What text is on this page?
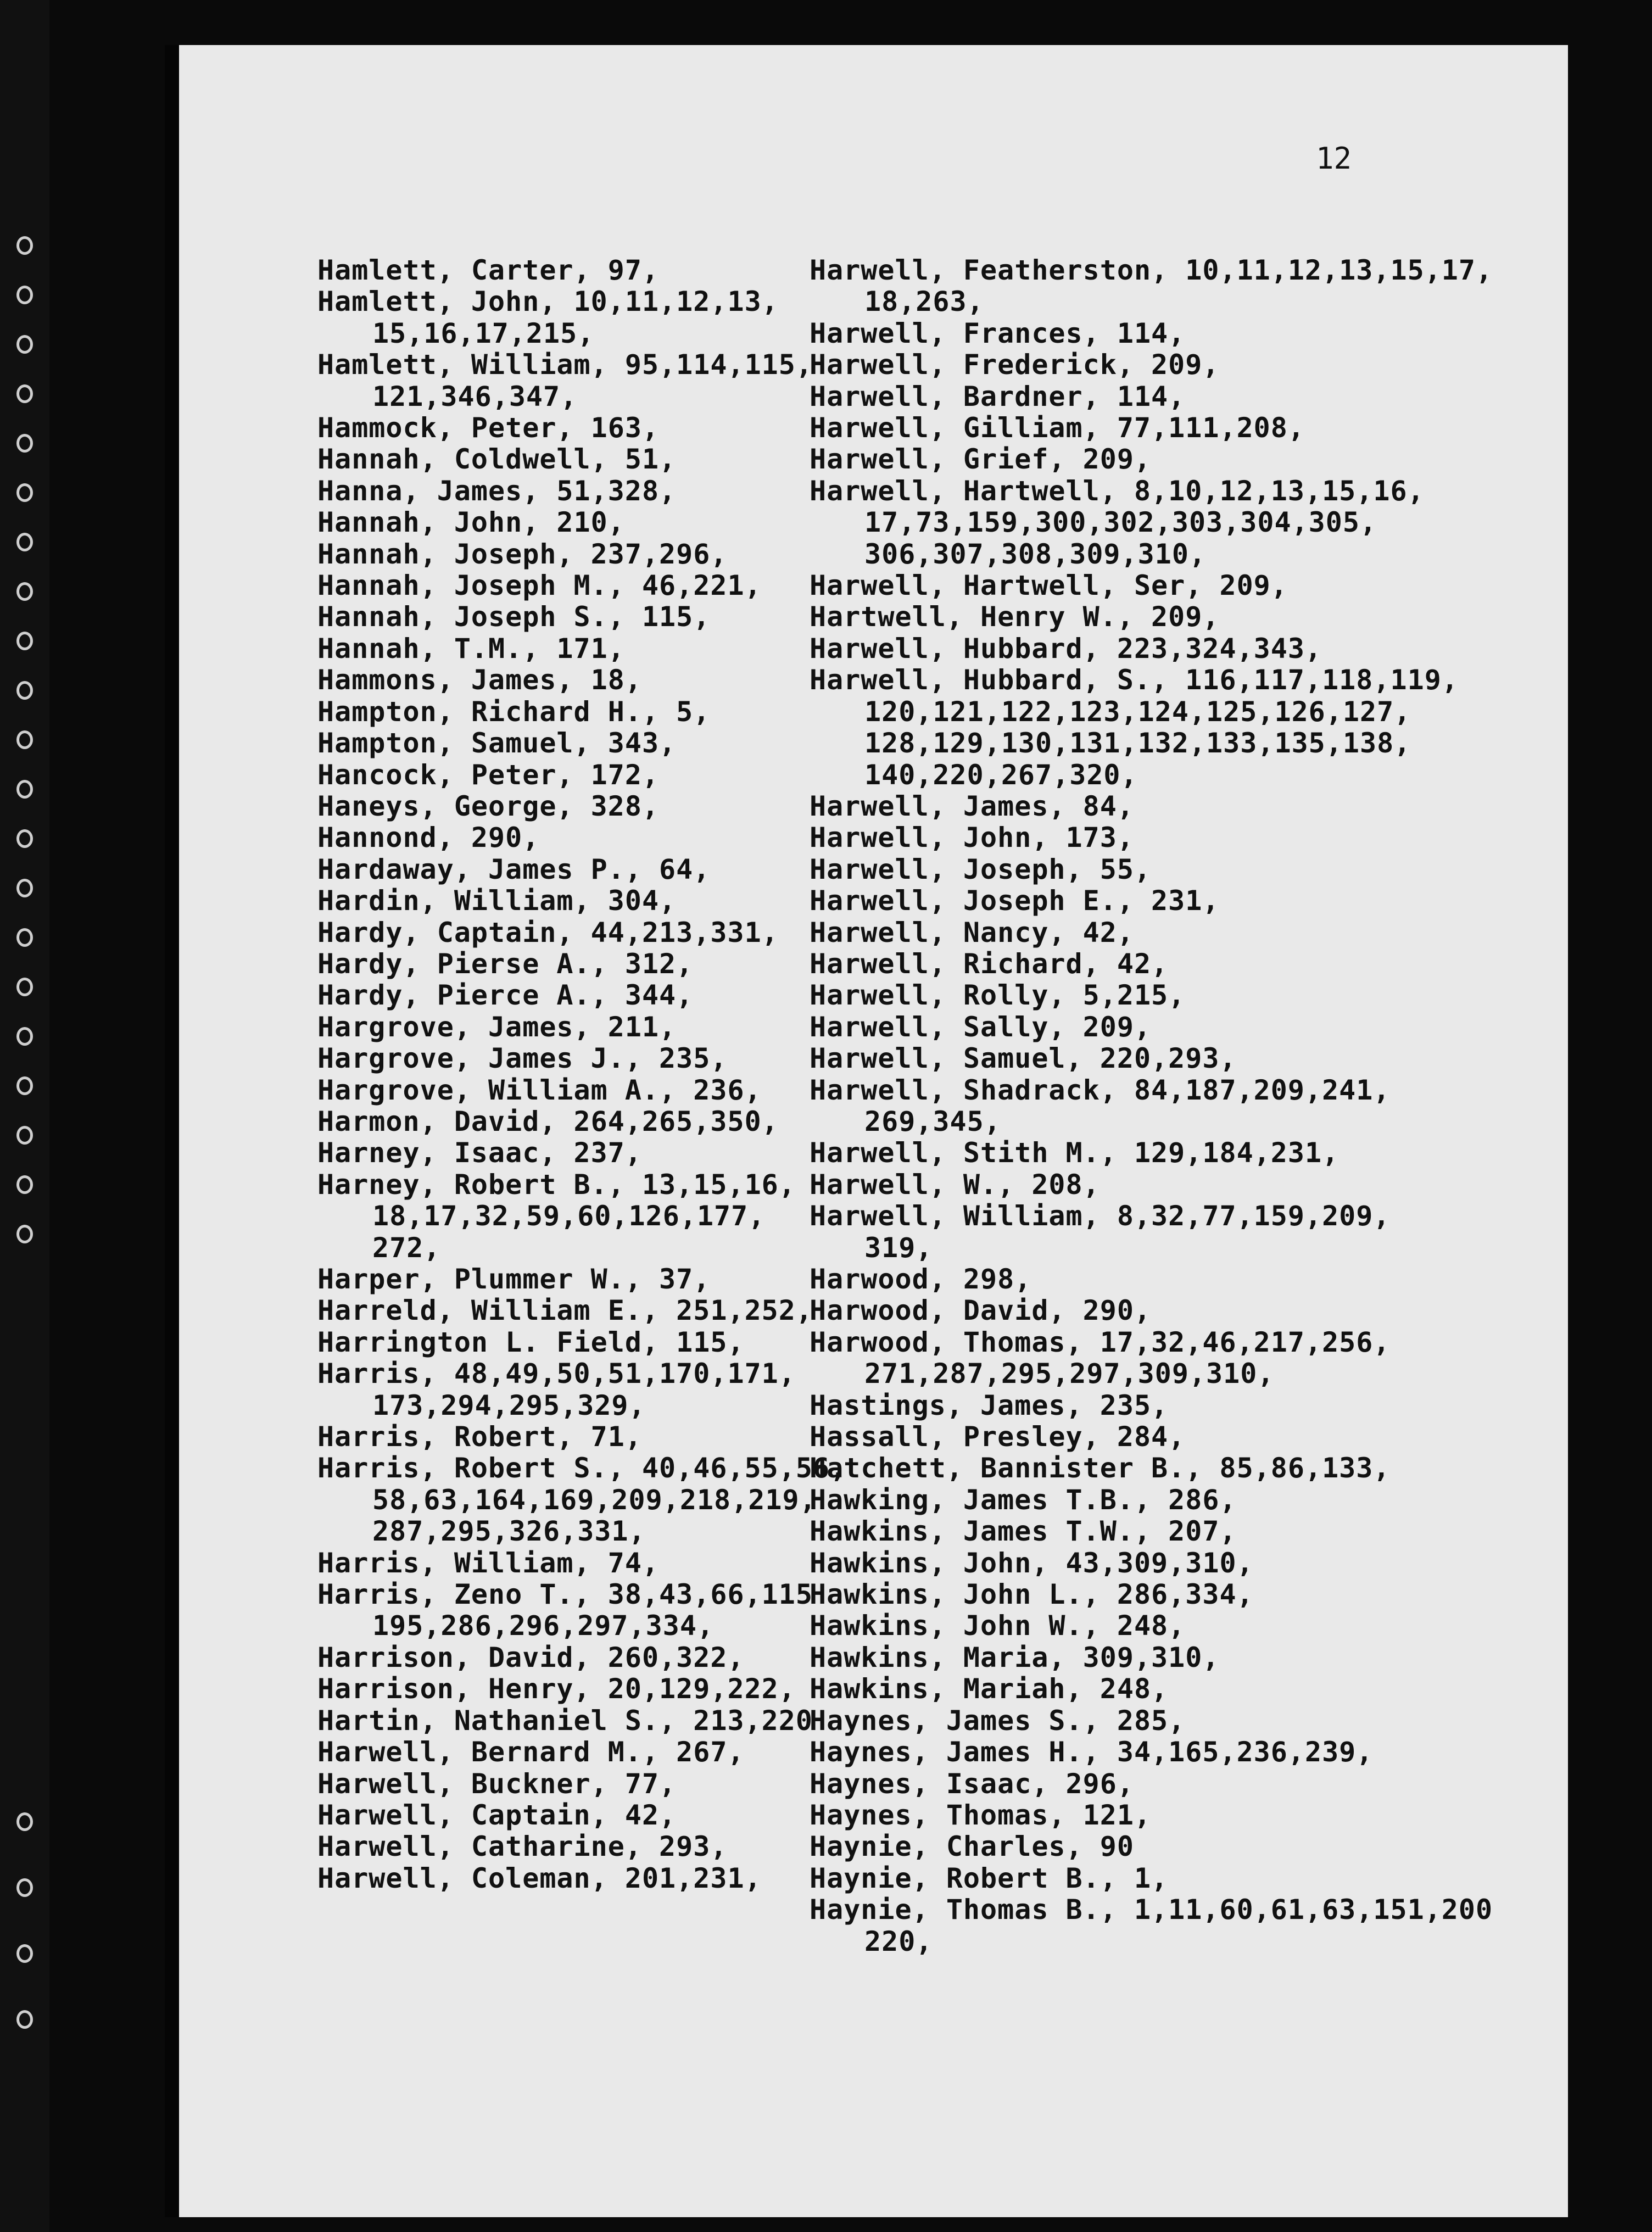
12
Hamlett, Carter, 97,
Hamlett, John, 10,11,12,13,
15,16,17,215,
Hamlett, William, 95,114,115,
121,346,347,
Hammock, Peter, 163,
Hannah, Coldwell, 51,
Hanna, James, 51,328,
Hannah, John, 210,
Hannah, Joseph, 237,296,
Hannah, Joseph M., 46,221,
Hannah, Joseph S., 115,
Hannah, T.M., 171,
Hammons, James, 18,
Hampton, Richard H., 5,
Hampton, Samuel, 343,
Hancock, Peter, 172,
Haneys, George, 328,
Hannond, 290,
Hardaway, James P., 64,
Hardin, William, 304,
Hardy, Captain, 44,213,331,
Hardy, Pierse A., 312,
Hardy, Pierce A., 344,
Hargrove, James, 211,
Hargrove, James J., 235,
Hargrove, William A., 236,
Harmon, David, 264,265,350,
Harney, Isaac, 237,
Harney, Robert B., 13,15,16,
18,17,32,59,60,126,177,
272,
Harper, Plummer W., 37,
Harreld, William E., 251,252,
Harrington L. Field, 115,
Harris, 48,49,50,51,170,171,
173,294,295,329,
Harris, Robert, 71,
Harris, Robert S., 40,46,55,56,
58,63,164,169,209,218,219,
287,295,326,331,
Harris, William, 74,
Harris, Zeno T., 38,43,66,115
195,286,296,297,334,
Harrison, David, 260,322,
Harrison, Henry, 20,129,222,
Hartin, Nathaniel S., 213,220
Harwell, Bernard M., 267,
Harwell, Buckner, 77,
Harwell, Captain, 42,
Harwell, Catharine, 293,
Harwell, Coleman, 201,231,
Harwell, Featherston, 10,11,12,13,15,17,
18,263,
Harwell, Frances, 114,
Harwell, Frederick, 209,
Harwell, Bardner, 114,
Harwell, Gilliam, 77,111,208,
Harwell, Grief, 209,
Harwell, Hartwell, 8,10,12,13,15,16,
17,73,159,300,302,303,304,305,
306,307,308,309,310,
Harwell, Hartwell, Ser, 209,
Hartwell, Henry W., 209,
Harwell, Hubbard, 223,324,343,
Harwell, Hubbard, S., 116,117,118,119,
120,121,122,123,124,125,126,127,
128,129,130,131,132,133,135,138,
140,220,267,320,
Harwell, James, 84,
Harwell, John, 173,
Harwell, Joseph, 55,
Harwell, Joseph E., 231,
Harwell, Nancy, 42,
Harwell, Richard, 42,
Harwell, Rolly, 5,215,
Harwell, Sally, 209,
Harwell, Samuel, 220,293,
Harwell, Shadrack, 84,187,209,241,
269,345,
Harwell, Stith M., 129,184,231,
Harwell, W., 208,
Harwell, William, 8,32,77,159,209,
319,
Harwood, 298,
Harwood, David, 290,
Harwood, Thomas, 17,32,46,217,256,
271,287,295,297,309,310,
Hastings, James, 235,
Hassall, Presley, 284,
Hatchett, Bannister B., 85,86,133,
Hawking, James T.B., 286,
Hawkins, James T.W., 207,
Hawkins, John, 43,309,310,
Hawkins, John L., 286,334,
Hawkins, John W., 248,
Hawkins, Maria, 309,310,
Hawkins, Mariah, 248,
Haynes, James S., 285,
Haynes, James H., 34,165,236,239,
Haynes, Isaac, 296,
Haynes, Thomas, 121,
Haynie, Charles, 90
Haynie, Robert B., 1,
Haynie, Thomas B., 1,11,60,61,63,151,200
220,
